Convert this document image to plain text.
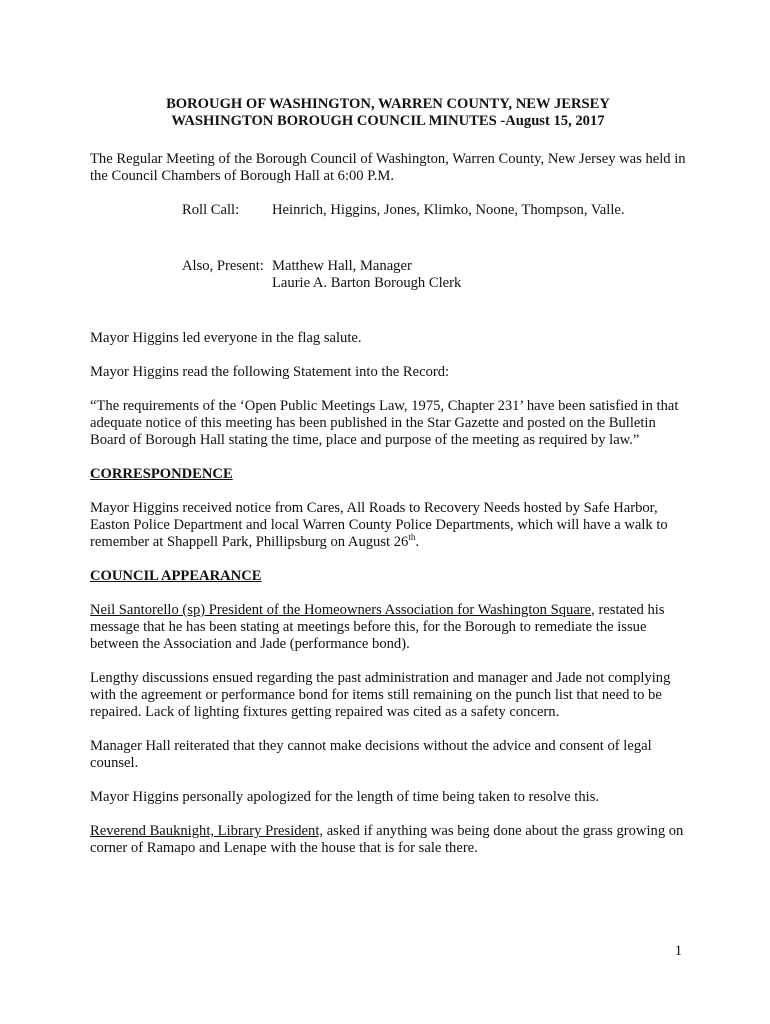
BOROUGH OF WASHINGTON, WARREN COUNTY, NEW JERSEY
WASHINGTON BOROUGH COUNCIL MINUTES -August 15, 2017

The Regular Meeting of the Borough Council of Washington, Warren County, New Jersey was held in the Council Chambers of Borough Hall at 6:00 P.M.

Roll Call:	Heinrich, Higgins, Jones, Klimko, Noone, Thompson, Valle.
Also, Present: Matthew Hall, Manager
Laurie A. Barton Borough Clerk

Mayor Higgins led everyone in the flag salute.

Mayor Higgins read the following Statement into the Record:

“The requirements of the ‘Open Public Meetings Law, 1975, Chapter 231’ have been satisfied in that adequate notice of this meeting has been published in the Star Gazette and posted on the Bulletin Board of Borough Hall stating the time, place and purpose of the meeting as required by law.”

CORRESPONDENCE

Mayor Higgins received notice from Cares, All Roads to Recovery Needs hosted by Safe Harbor, Easton Police Department and local Warren County Police Departments, which will have a walk to remember at Shappell Park, Phillipsburg on August 26th.

COUNCIL APPEARANCE

Neil Santorello (sp) President of the Homeowners Association for Washington Square, restated his message that he has been stating at meetings before this, for the Borough to remediate the issue between the Association and Jade (performance bond).

Lengthy discussions ensued regarding the past administration and manager and Jade not complying with the agreement or performance bond for items still remaining on the punch list that need to be repaired. Lack of lighting fixtures getting repaired was cited as a safety concern.

Manager Hall reiterated that they cannot make decisions without the advice and consent of legal counsel.

Mayor Higgins personally apologized for the length of time being taken to resolve this.

Reverend Bauknight, Library President, asked if anything was being done about the grass growing on corner of Ramapo and Lenape with the house that is for sale there.

1
